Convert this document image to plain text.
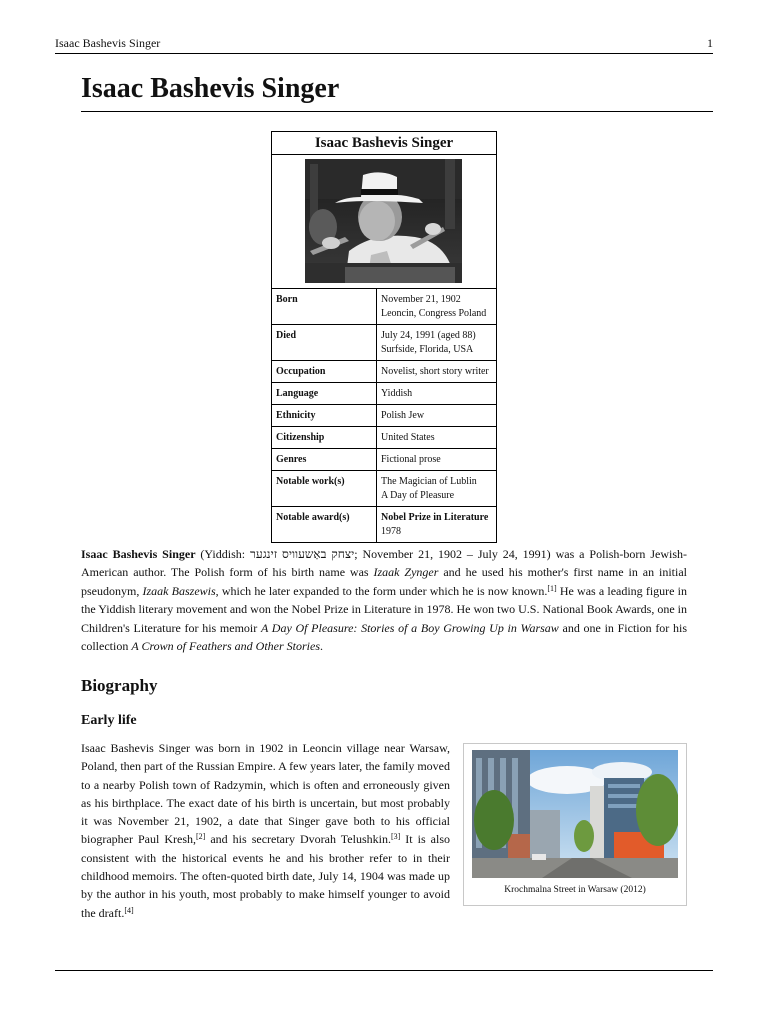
Isaac Bashevis Singer	1
Isaac Bashevis Singer
Isaac Bashevis Singer
Born	November 21, 1902
Leoncin, Congress Poland

Died	July 24, 1991 (aged 88)
Surfside, Florida, USA

Occupation	Novelist, short story writer

Language	Yiddish

Ethnicity	Polish Jew

Citizenship	United States

Genres	Fictional prose

Notable work(s)	The Magician of Lublin
A Day of Pleasure

Notable award(s)	Nobel Prize in Literature
1978

Isaac Bashevis Singer (Yiddish: יצחק באַשעוויס זינגער; November 21, 1902 – July 24, 1991) was a Polish-born Jewish-American author. The Polish form of his birth name was Izaak Zynger and he used his mother's first name in an initial pseudonym, Izaak Baszewis, which he later expanded to the form under which he is now known.[1] He was a leading figure in the Yiddish literary movement and won the Nobel Prize in Literature in 1978. He won two U.S. National Book Awards, one in Children's Literature for his memoir A Day Of Pleasure: Stories of a Boy Growing Up in Warsaw and one in Fiction for his collection A Crown of Feathers and Other Stories.

Biography
Early life

Isaac Bashevis Singer was born in 1902 in Leoncin village near Warsaw, Poland, then part of the Russian Empire. A few years later, the family moved to a nearby Polish town of Radzymin, which is often and erroneously given as his birthplace. The exact date of his birth is uncertain, but most probably it was November 21, 1902, a date that Singer gave both to his official biographer Paul Kresh,[2] and his secretary Dvorah Telushkin.[3] It is also consistent with the historical events he and his brother refer to in their childhood memoirs. The often-quoted birth date, July 14, 1904 was made up by the author in his youth, most probably to make himself younger to avoid the draft.[4]

Krochmalna Street in Warsaw (2012)
